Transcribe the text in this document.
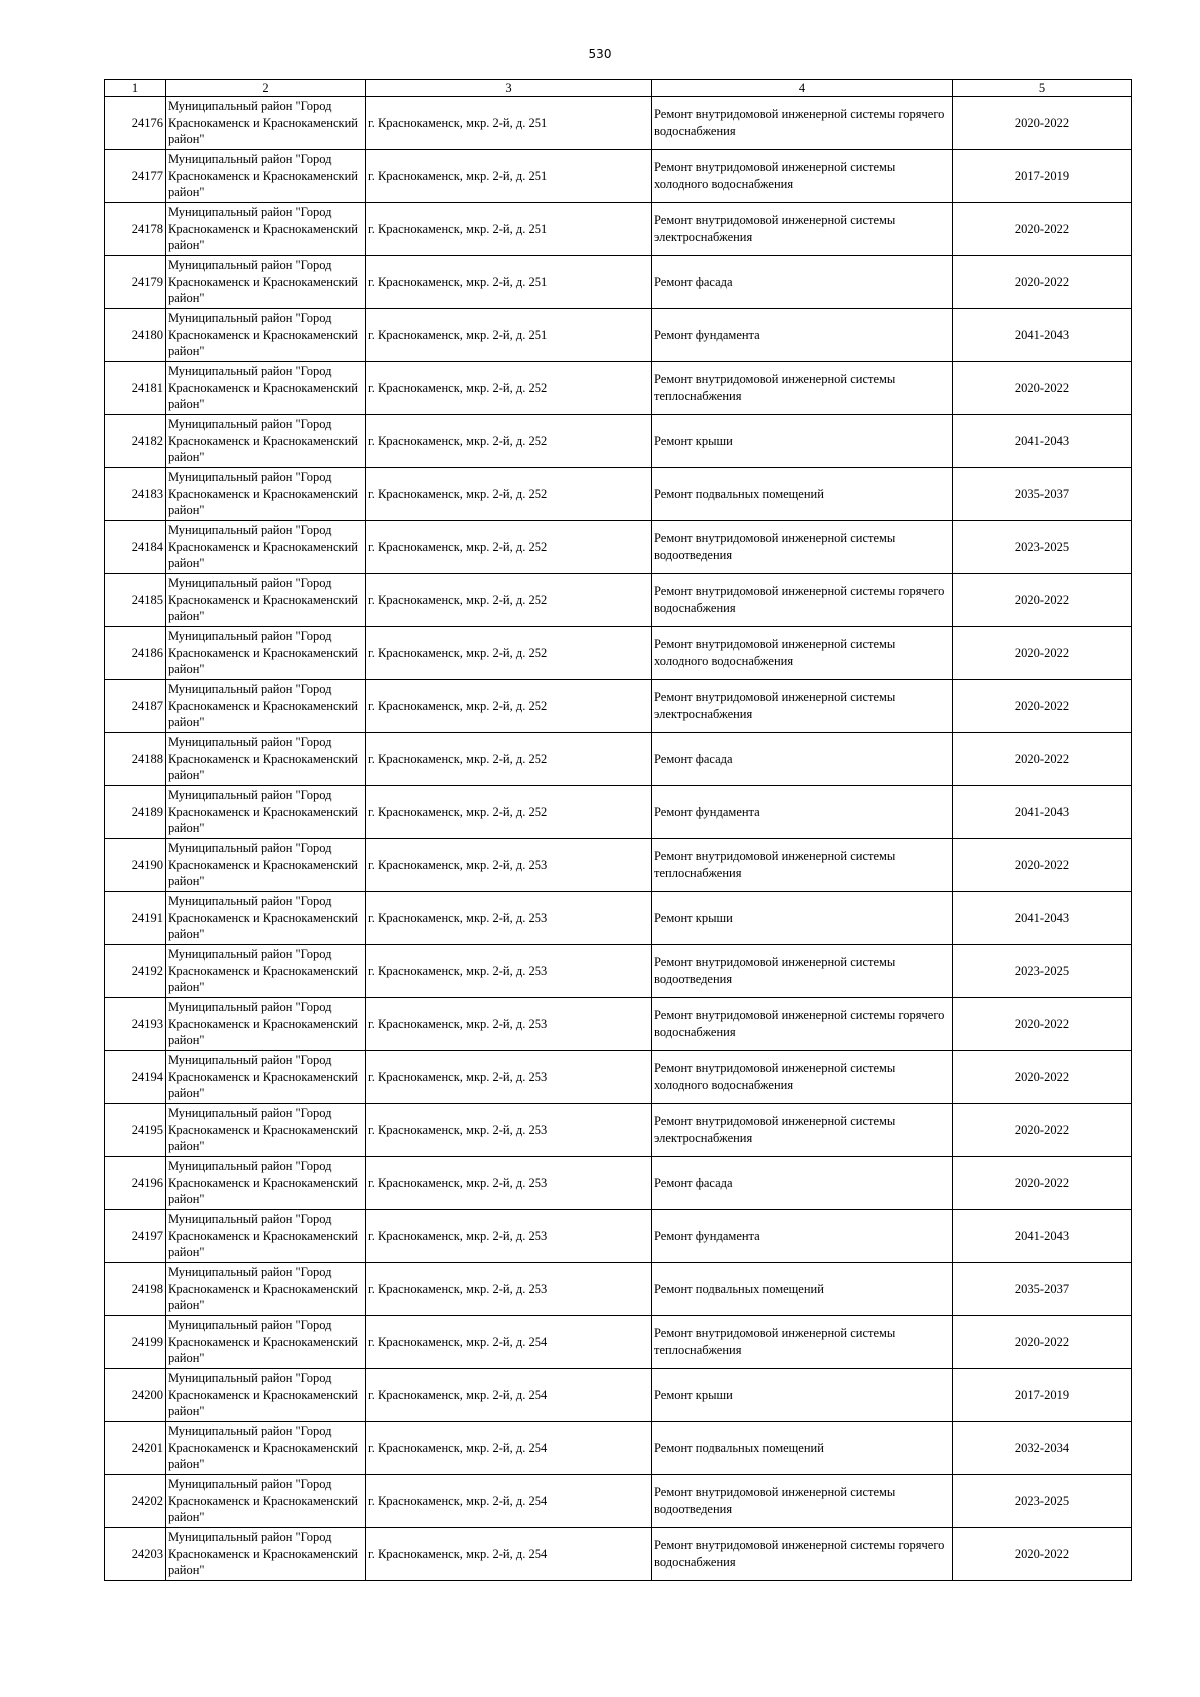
530
1	2	3	4	5
24176	Муниципальный район "Город Краснокаменск и Краснокаменский район"	г. Краснокаменск, мкр. 2-й, д. 251	Ремонт внутридомовой инженерной системы горячего водоснабжения	2020-2022
24177	Муниципальный район "Город Краснокаменск и Краснокаменский район"	г. Краснокаменск, мкр. 2-й, д. 251	Ремонт внутридомовой инженерной системы холодного водоснабжения	2017-2019
24178	Муниципальный район "Город Краснокаменск и Краснокаменский район"	г. Краснокаменск, мкр. 2-й, д. 251	Ремонт внутридомовой инженерной системы электроснабжения	2020-2022
24179	Муниципальный район "Город Краснокаменск и Краснокаменский район"	г. Краснокаменск, мкр. 2-й, д. 251	Ремонт фасада	2020-2022
24180	Муниципальный район "Город Краснокаменск и Краснокаменский район"	г. Краснокаменск, мкр. 2-й, д. 251	Ремонт фундамента	2041-2043
24181	Муниципальный район "Город Краснокаменск и Краснокаменский район"	г. Краснокаменск, мкр. 2-й, д. 252	Ремонт внутридомовой инженерной системы теплоснабжения	2020-2022
24182	Муниципальный район "Город Краснокаменск и Краснокаменский район"	г. Краснокаменск, мкр. 2-й, д. 252	Ремонт крыши	2041-2043
24183	Муниципальный район "Город Краснокаменск и Краснокаменский район"	г. Краснокаменск, мкр. 2-й, д. 252	Ремонт подвальных помещений	2035-2037
24184	Муниципальный район "Город Краснокаменск и Краснокаменский район"	г. Краснокаменск, мкр. 2-й, д. 252	Ремонт внутридомовой инженерной системы водоотведения	2023-2025
24185	Муниципальный район "Город Краснокаменск и Краснокаменский район"	г. Краснокаменск, мкр. 2-й, д. 252	Ремонт внутридомовой инженерной системы горячего водоснабжения	2020-2022
24186	Муниципальный район "Город Краснокаменск и Краснокаменский район"	г. Краснокаменск, мкр. 2-й, д. 252	Ремонт внутридомовой инженерной системы холодного водоснабжения	2020-2022
24187	Муниципальный район "Город Краснокаменск и Краснокаменский район"	г. Краснокаменск, мкр. 2-й, д. 252	Ремонт внутридомовой инженерной системы электроснабжения	2020-2022
24188	Муниципальный район "Город Краснокаменск и Краснокаменский район"	г. Краснокаменск, мкр. 2-й, д. 252	Ремонт фасада	2020-2022
24189	Муниципальный район "Город Краснокаменск и Краснокаменский район"	г. Краснокаменск, мкр. 2-й, д. 252	Ремонт фундамента	2041-2043
24190	Муниципальный район "Город Краснокаменск и Краснокаменский район"	г. Краснокаменск, мкр. 2-й, д. 253	Ремонт внутридомовой инженерной системы теплоснабжения	2020-2022
24191	Муниципальный район "Город Краснокаменск и Краснокаменский район"	г. Краснокаменск, мкр. 2-й, д. 253	Ремонт крыши	2041-2043
24192	Муниципальный район "Город Краснокаменск и Краснокаменский район"	г. Краснокаменск, мкр. 2-й, д. 253	Ремонт внутридомовой инженерной системы водоотведения	2023-2025
24193	Муниципальный район "Город Краснокаменск и Краснокаменский район"	г. Краснокаменск, мкр. 2-й, д. 253	Ремонт внутридомовой инженерной системы горячего водоснабжения	2020-2022
24194	Муниципальный район "Город Краснокаменск и Краснокаменский район"	г. Краснокаменск, мкр. 2-й, д. 253	Ремонт внутридомовой инженерной системы холодного водоснабжения	2020-2022
24195	Муниципальный район "Город Краснокаменск и Краснокаменский район"	г. Краснокаменск, мкр. 2-й, д. 253	Ремонт внутридомовой инженерной системы электроснабжения	2020-2022
24196	Муниципальный район "Город Краснокаменск и Краснокаменский район"	г. Краснокаменск, мкр. 2-й, д. 253	Ремонт фасада	2020-2022
24197	Муниципальный район "Город Краснокаменск и Краснокаменский район"	г. Краснокаменск, мкр. 2-й, д. 253	Ремонт фундамента	2041-2043
24198	Муниципальный район "Город Краснокаменск и Краснокаменский район"	г. Краснокаменск, мкр. 2-й, д. 253	Ремонт подвальных помещений	2035-2037
24199	Муниципальный район "Город Краснокаменск и Краснокаменский район"	г. Краснокаменск, мкр. 2-й, д. 254	Ремонт внутридомовой инженерной системы теплоснабжения	2020-2022
24200	Муниципальный район "Город Краснокаменск и Краснокаменский район"	г. Краснокаменск, мкр. 2-й, д. 254	Ремонт крыши	2017-2019
24201	Муниципальный район "Город Краснокаменск и Краснокаменский район"	г. Краснокаменск, мкр. 2-й, д. 254	Ремонт подвальных помещений	2032-2034
24202	Муниципальный район "Город Краснокаменск и Краснокаменский район"	г. Краснокаменск, мкр. 2-й, д. 254	Ремонт внутридомовой инженерной системы водоотведения	2023-2025
24203	Муниципальный район "Город Краснокаменск и Краснокаменский район"	г. Краснокаменск, мкр. 2-й, д. 254	Ремонт внутридомовой инженерной системы горячего водоснабжения	2020-2022
